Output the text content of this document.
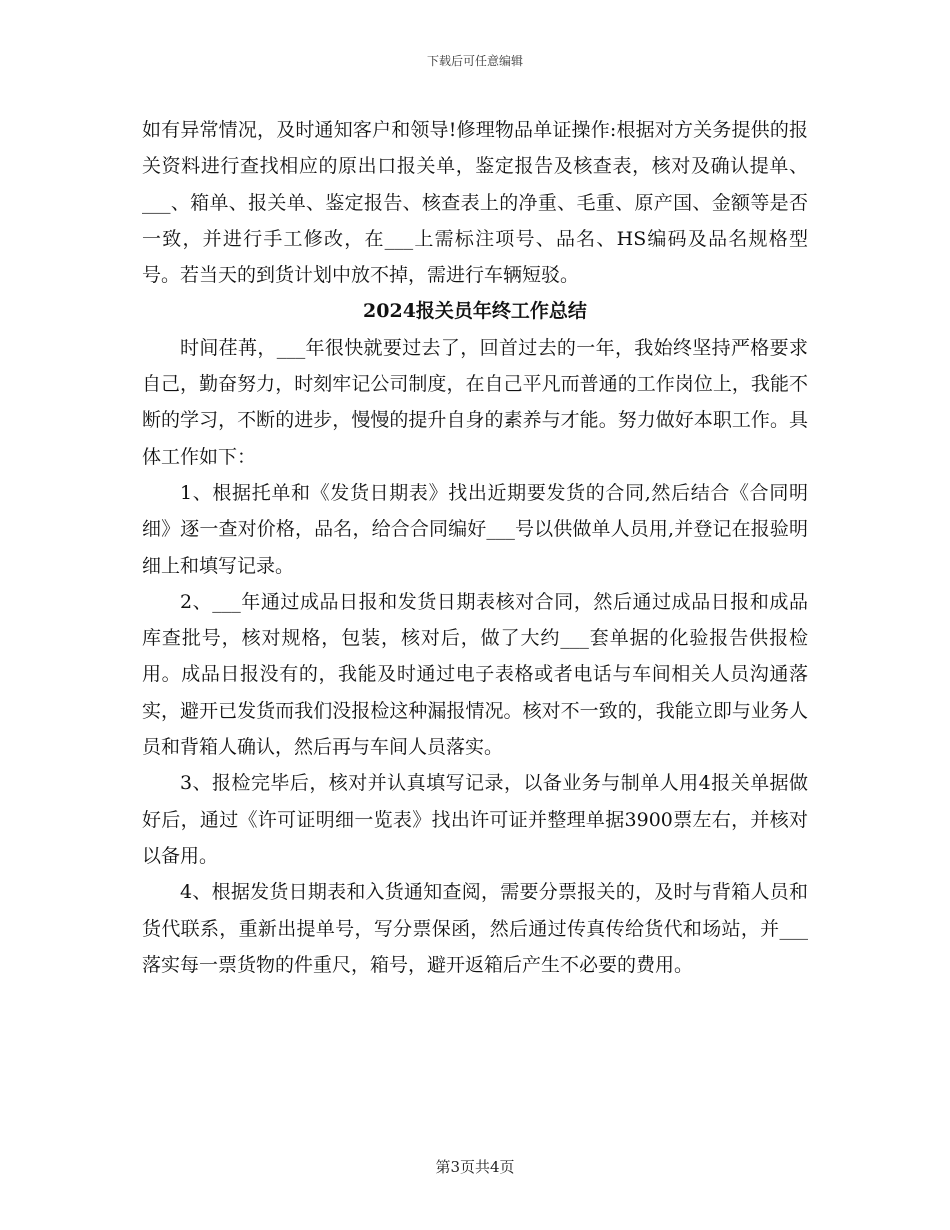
下载后可任意编辑

如有异常情况，及时通知客户和领导!修理物品单证操作:根据对方关务提供的报关资料进行查找相应的原出口报关单，鉴定报告及核查表，核对及确认提单、___、箱单、报关单、鉴定报告、核查表上的净重、毛重、原产国、金额等是否一致，并进行手工修改，在___上需标注项号、品名、HS编码及品名规格型号。若当天的到货计划中放不掉，需进行车辆短驳。

2024报关员年终工作总结

时间荏苒，___年很快就要过去了，回首过去的一年，我始终坚持严格要求自己，勤奋努力，时刻牢记公司制度，在自己平凡而普通的工作岗位上，我能不断的学习，不断的进步，慢慢的提升自身的素养与才能。努力做好本职工作。具体工作如下：

1、根据托单和《发货日期表》找出近期要发货的合同,然后结合《合同明细》逐一查对价格，品名，给合合同编好___号以供做单人员用,并登记在报验明细上和填写记录。

2、___年通过成品日报和发货日期表核对合同，然后通过成品日报和成品库查批号，核对规格，包装，核对后，做了大约___套单据的化验报告供报检用。成品日报没有的，我能及时通过电子表格或者电话与车间相关人员沟通落实，避开已发货而我们没报检这种漏报情况。核对不一致的，我能立即与业务人员和背箱人确认，然后再与车间人员落实。

3、报检完毕后，核对并认真填写记录，以备业务与制单人用4报关单据做好后，通过《许可证明细一览表》找出许可证并整理单据3900票左右，并核对以备用。

4、根据发货日期表和入货通知查阅，需要分票报关的，及时与背箱人员和货代联系，重新出提单号，写分票保函，然后通过传真传给货代和场站，并___落实每一票货物的件重尺，箱号，避开返箱后产生不必要的费用。

第3页共4页
